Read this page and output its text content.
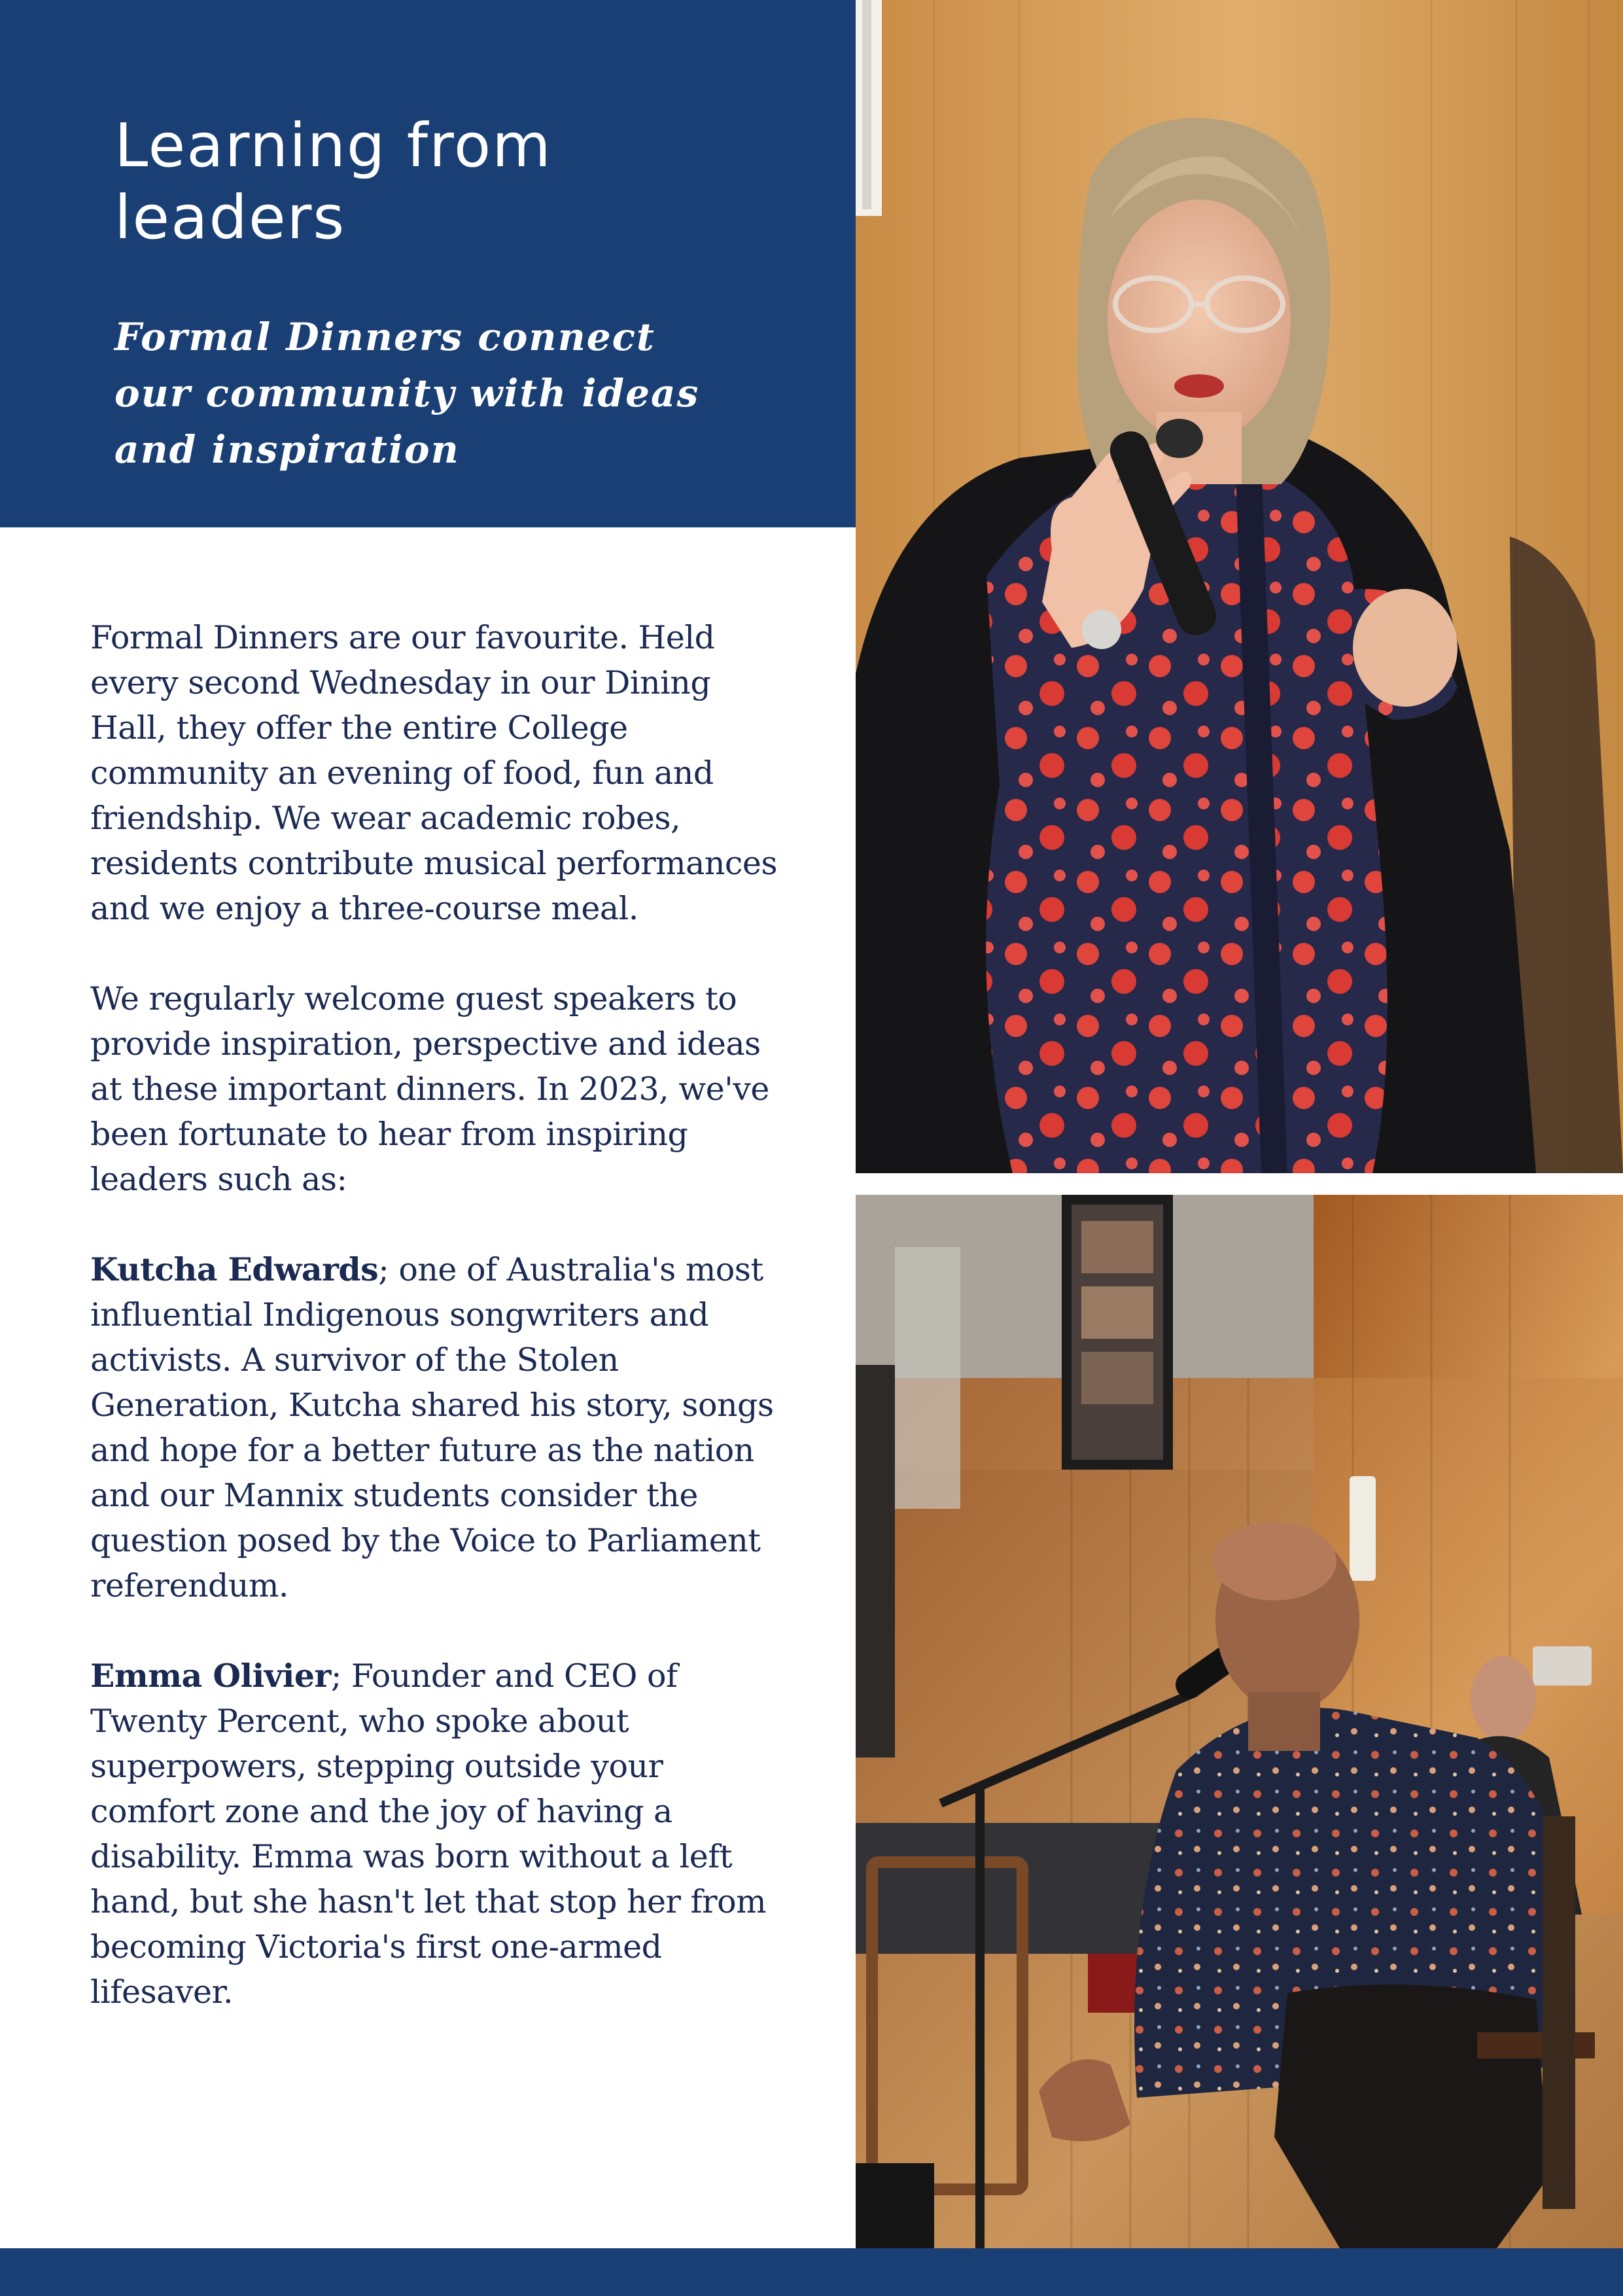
Learning from
leaders
Formal Dinners connect
our community with ideas
and inspiration

Formal Dinners are our favourite. Held every second Wednesday in our Dining Hall, they offer the entire College community an evening of food, fun and friendship. We wear academic robes, residents contribute musical performances and we enjoy a three-course meal.

We regularly welcome guest speakers to provide inspiration, perspective and ideas at these important dinners. In 2023, we've been fortunate to hear from inspiring leaders such as:

Kutcha Edwards; one of Australia's most influential Indigenous songwriters and activists. A survivor of the Stolen Generation, Kutcha shared his story, songs and hope for a better future as the nation and our Mannix students consider the question posed by the Voice to Parliament referendum.

Emma Olivier; Founder and CEO of Twenty Percent, who spoke about superpowers, stepping outside your comfort zone and the joy of having a disability. Emma was born without a left hand, but she hasn't let that stop her from becoming Victoria's first one-armed lifesaver.
